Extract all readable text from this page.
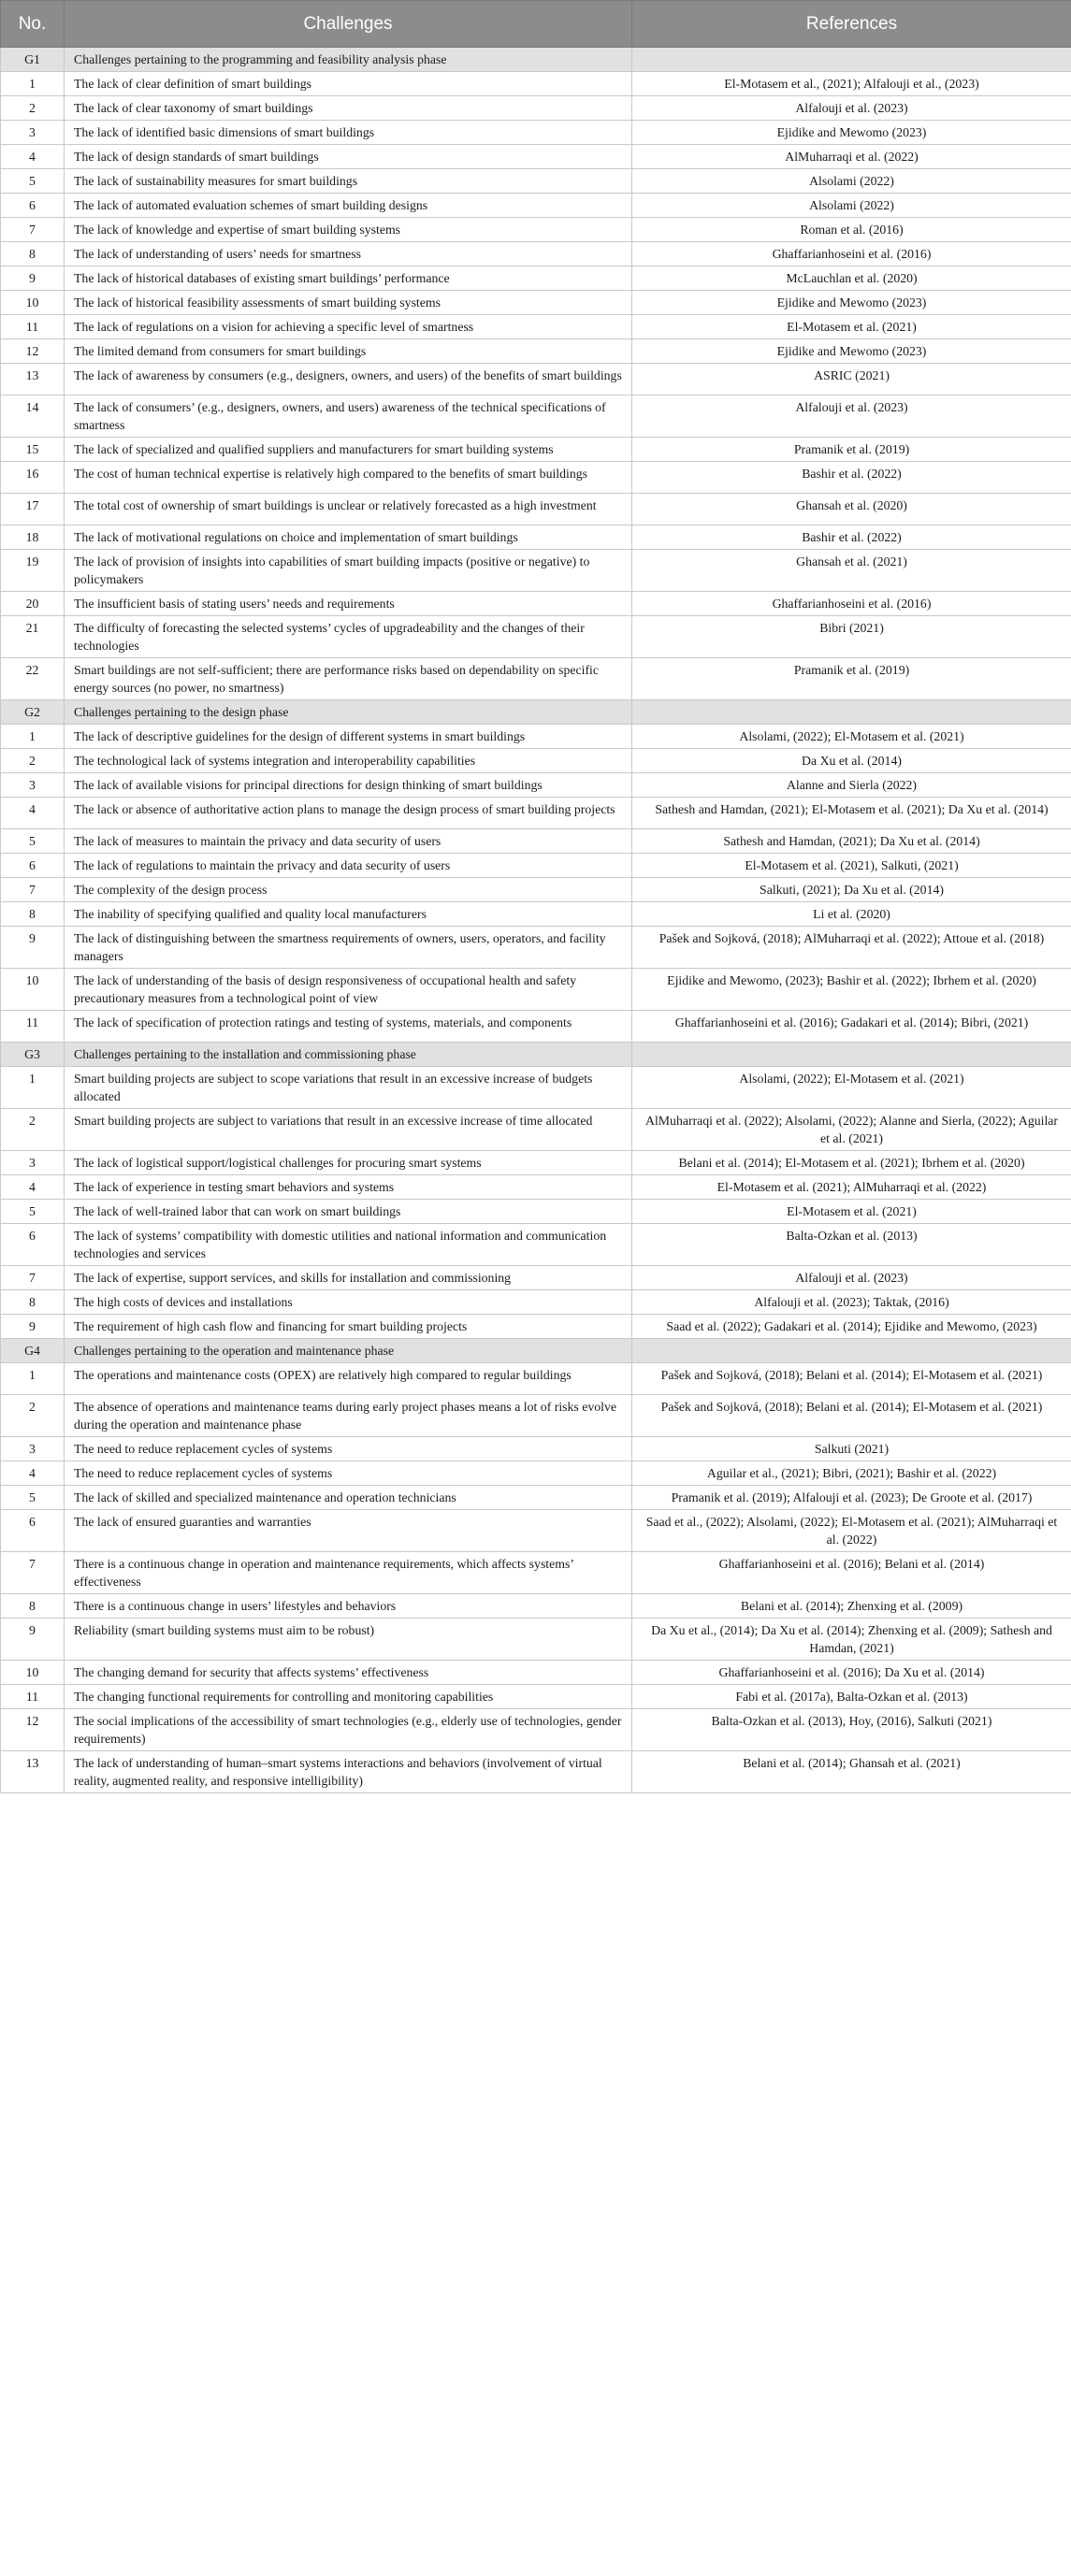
No.	Challenges	References
G1	Challenges pertaining to the programming and feasibility analysis phase	
1	The lack of clear definition of smart buildings	El-Motasem et al., (2021); Alfalouji et al., (2023)
2	The lack of clear taxonomy of smart buildings	Alfalouji et al. (2023)
3	The lack of identified basic dimensions of smart buildings	Ejidike and Mewomo (2023)
4	The lack of design standards of smart buildings	AlMuharraqi et al. (2022)
5	The lack of sustainability measures for smart buildings	Alsolami (2022)
6	The lack of automated evaluation schemes of smart building designs	Alsolami (2022)
7	The lack of knowledge and expertise of smart building systems	Roman et al. (2016)
8	The lack of understanding of users’ needs for smartness	Ghaffarianhoseini et al. (2016)
9	The lack of historical databases of existing smart buildings’ performance	McLauchlan et al. (2020)
10	The lack of historical feasibility assessments of smart building systems	Ejidike and Mewomo (2023)
11	The lack of regulations on a vision for achieving a specific level of smartness	El-Motasem et al. (2021)
12	The limited demand from consumers for smart buildings	Ejidike and Mewomo (2023)
13	The lack of awareness by consumers (e.g., designers, owners, and users) of the benefits of smart buildings	ASRIC (2021)
14	The lack of consumers’ (e.g., designers, owners, and users) awareness of the technical specifications of smartness	Alfalouji et al. (2023)
15	The lack of specialized and qualified suppliers and manufacturers for smart building systems	Pramanik et al. (2019)
16	The cost of human technical expertise is relatively high compared to the benefits of smart buildings	Bashir et al. (2022)
17	The total cost of ownership of smart buildings is unclear or relatively forecasted as a high investment	Ghansah et al. (2020)
18	The lack of motivational regulations on choice and implementation of smart buildings	Bashir et al. (2022)
19	The lack of provision of insights into capabilities of smart building impacts (positive or negative) to policymakers	Ghansah et al. (2021)
20	The insufficient basis of stating users’ needs and requirements	Ghaffarianhoseini et al. (2016)
21	The difficulty of forecasting the selected systems’ cycles of upgradeability and the changes of their technologies	Bibri (2021)
22	Smart buildings are not self-sufficient; there are performance risks based on dependability on specific energy sources (no power, no smartness)	Pramanik et al. (2019)
G2	Challenges pertaining to the design phase	
1	The lack of descriptive guidelines for the design of different systems in smart buildings	Alsolami, (2022); El-Motasem et al. (2021)
2	The technological lack of systems integration and interoperability capabilities	Da Xu et al. (2014)
3	The lack of available visions for principal directions for design thinking of smart buildings	Alanne and Sierla (2022)
4	The lack or absence of authoritative action plans to manage the design process of smart building projects	Sathesh and Hamdan, (2021); El-Motasem et al. (2021); Da Xu et al. (2014)
5	The lack of measures to maintain the privacy and data security of users	Sathesh and Hamdan, (2021); Da Xu et al. (2014)
6	The lack of regulations to maintain the privacy and data security of users	El-Motasem et al. (2021), Salkuti, (2021)
7	The complexity of the design process	Salkuti, (2021); Da Xu et al. (2014)
8	The inability of specifying qualified and quality local manufacturers	Li et al. (2020)
9	The lack of distinguishing between the smartness requirements of owners, users, operators, and facility managers	Pašek and Sojková, (2018); AlMuharraqi et al. (2022); Attoue et al. (2018)
10	The lack of understanding of the basis of design responsiveness of occupational health and safety precautionary measures from a technological point of view	Ejidike and Mewomo, (2023); Bashir et al. (2022); Ibrhem et al. (2020)
11	The lack of specification of protection ratings and testing of systems, materials, and components	Ghaffarianhoseini et al. (2016); Gadakari et al. (2014); Bibri, (2021)
G3	Challenges pertaining to the installation and commissioning phase	
1	Smart building projects are subject to scope variations that result in an excessive increase of budgets allocated	Alsolami, (2022); El-Motasem et al. (2021)
2	Smart building projects are subject to variations that result in an excessive increase of time allocated	AlMuharraqi et al. (2022); Alsolami, (2022); Alanne and Sierla, (2022); Aguilar et al. (2021)
3	The lack of logistical support/logistical challenges for procuring smart systems	Belani et al. (2014); El-Motasem et al. (2021); Ibrhem et al. (2020)
4	The lack of experience in testing smart behaviors and systems	El-Motasem et al. (2021); AlMuharraqi et al. (2022)
5	The lack of well-trained labor that can work on smart buildings	El-Motasem et al. (2021)
6	The lack of systems’ compatibility with domestic utilities and national information and communication technologies and services	Balta-Ozkan et al. (2013)
7	The lack of expertise, support services, and skills for installation and commissioning	Alfalouji et al. (2023)
8	The high costs of devices and installations	Alfalouji et al. (2023); Taktak, (2016)
9	The requirement of high cash flow and financing for smart building projects	Saad et al. (2022); Gadakari et al. (2014); Ejidike and Mewomo, (2023)
G4	Challenges pertaining to the operation and maintenance phase	
1	The operations and maintenance costs (OPEX) are relatively high compared to regular buildings	Pašek and Sojková, (2018); Belani et al. (2014); El-Motasem et al. (2021)
2	The absence of operations and maintenance teams during early project phases means a lot of risks evolve during the operation and maintenance phase	Pašek and Sojková, (2018); Belani et al. (2014); El-Motasem et al. (2021)
3	The need to reduce replacement cycles of systems	Salkuti (2021)
4	The need to reduce replacement cycles of systems	Aguilar et al., (2021); Bibri, (2021); Bashir et al. (2022)
5	The lack of skilled and specialized maintenance and operation technicians	Pramanik et al. (2019); Alfalouji et al. (2023); De Groote et al. (2017)
6	The lack of ensured guaranties and warranties	Saad et al., (2022); Alsolami, (2022); El-Motasem et al. (2021); AlMuharraqi et al. (2022)
7	There is a continuous change in operation and maintenance requirements, which affects systems’ effectiveness	Ghaffarianhoseini et al. (2016); Belani et al. (2014)
8	There is a continuous change in users’ lifestyles and behaviors	Belani et al. (2014); Zhenxing et al. (2009)
9	Reliability (smart building systems must aim to be robust)	Da Xu et al., (2014); Da Xu et al. (2014); Zhenxing et al. (2009); Sathesh and Hamdan, (2021)
10	The changing demand for security that affects systems’ effectiveness	Ghaffarianhoseini et al. (2016); Da Xu et al. (2014)
11	The changing functional requirements for controlling and monitoring capabilities	Fabi et al. (2017a), Balta-Ozkan et al. (2013)
12	The social implications of the accessibility of smart technologies (e.g., elderly use of technologies, gender requirements)	Balta-Ozkan et al. (2013), Hoy, (2016), Salkuti (2021)
13	The lack of understanding of human–smart systems interactions and behaviors (involvement of virtual reality, augmented reality, and responsive intelligibility)	Belani et al. (2014); Ghansah et al. (2021)
